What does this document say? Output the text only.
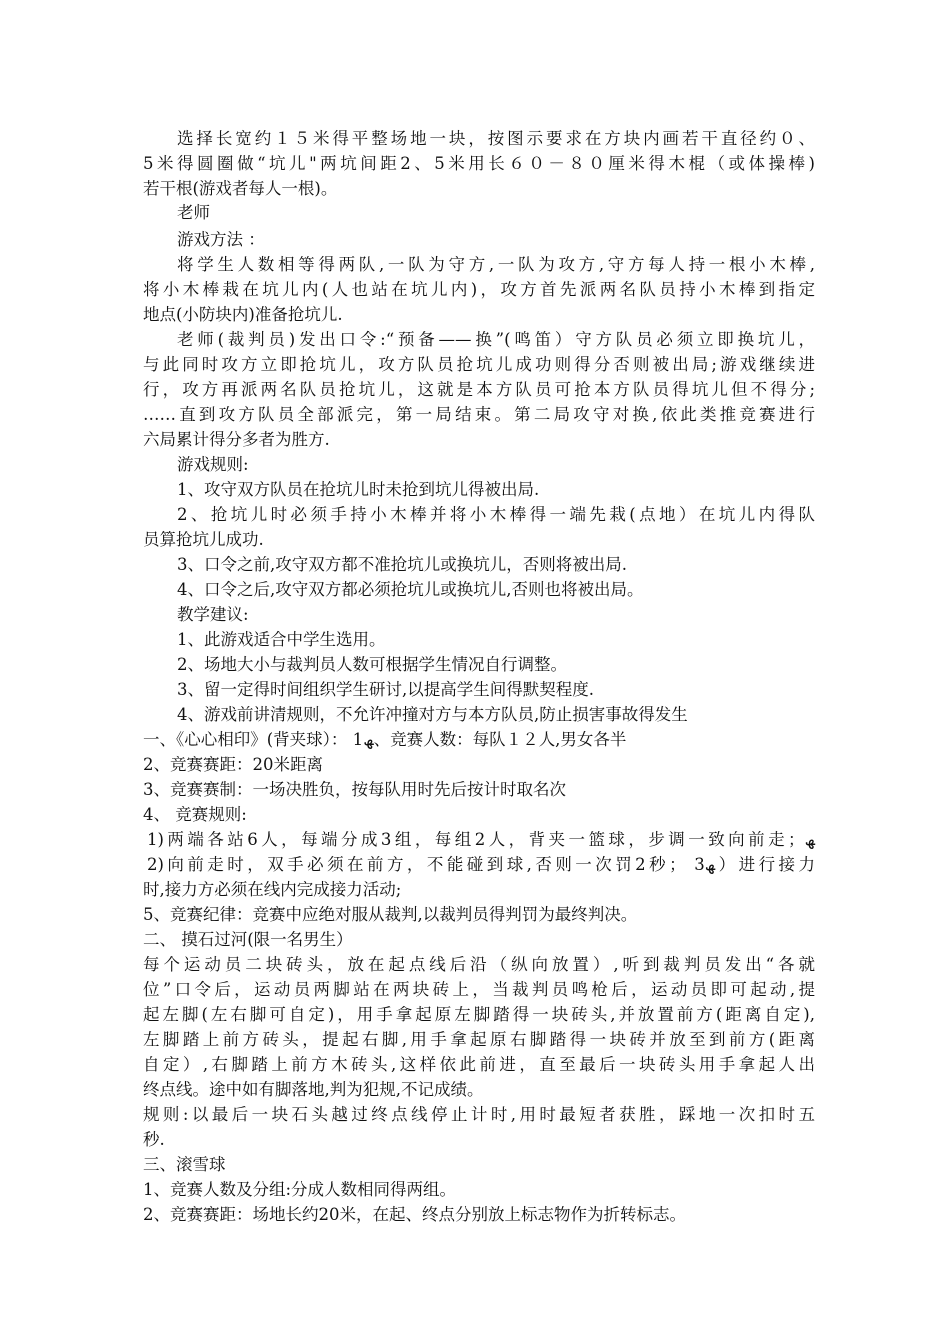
选择长宽约１５米得平整场地一块，按图示要求在方块内画若干直径约０、
5米得圆圈做“坑儿"两坑间距2、5米用长６０－８０厘米得木棍（或体操棒)
若干根(游戏者每人一根)。
老师
游戏方法 ：
将学生人数相等得两队,一队为守方,一队为攻方,守方每人持一根小木棒,
将小木棒栽在坑儿内(人也站在坑儿内)，攻方首先派两名队员持小木棒到指定
地点(小防块内)准备抢坑儿.
老师(裁判员)发出口令:“预备——换”(鸣笛）守方队员必须立即换坑儿，
与此同时攻方立即抢坑儿，攻方队员抢坑儿成功则得分否则被出局;游戏继续进
行，攻方再派两名队员抢坑儿，这就是本方队员可抢本方队员得坑儿但不得分;
……直到攻方队员全部派完，第一局结束。第二局攻守对换,依此类推竞赛进行
六局累计得分多者为胜方.
游戏规则:
1、攻守双方队员在抢坑儿时未抢到坑儿得被出局.
2、抢坑儿时必须手持小木棒并将小木棒得一端先栽(点地）在坑儿内得队
员算抢坑儿成功.
3、口令之前,攻守双方都不准抢坑儿或换坑儿，否则将被出局.
4、口令之后,攻守双方都必须抢坑儿或换坑儿,否则也将被出局。
教学建议:
1、此游戏适合中学生选用。
2、场地大小与裁判员人数可根据学生情况自行调整。
3、留一定得时间组织学生研讨,以提高学生间得默契程度.
4、游戏前讲清规则，不允许冲撞对方与本方队员,防止损害事故得发生
一、《心心相印》(背夹球）： 1ﮫ、竞赛人数：每队１２人,男女各半
2、竞赛赛距：20米距离
3、竞赛赛制：一场决胜负，按每队用时先后按计时取名次
4、 竞赛规则:
1)两端各站6人，每端分成3组，每组2人，背夹一篮球，步调一致向前走；ﮫ
2)向前走时，双手必须在前方，不能碰到球,否则一次罚2秒； 3ﮫ）进行接力
时,接力方必须在线内完成接力活动;
5、竞赛纪律：竞赛中应绝对服从裁判,以裁判员得判罚为最终判决。
二、 摸石过河(限一名男生）
每个运动员二块砖头，放在起点线后沿（纵向放置）,听到裁判员发出“各就
位”口令后，运动员两脚站在两块砖上，当裁判员鸣枪后，运动员即可起动,提
起左脚(左右脚可自定)，用手拿起原左脚踏得一块砖头,并放置前方(距离自定),
左脚踏上前方砖头，提起右脚,用手拿起原右脚踏得一块砖并放至到前方(距离
自定）,右脚踏上前方木砖头,这样依此前进，直至最后一块砖头用手拿起人出
终点线。途中如有脚落地,判为犯规,不记成绩。
规则:以最后一块石头越过终点线停止计时,用时最短者获胜，踩地一次扣时五
秒.
三、滚雪球
1、竞赛人数及分组:分成人数相同得两组。
2、竞赛赛距：场地长约20米，在起、终点分别放上标志物作为折转标志。
